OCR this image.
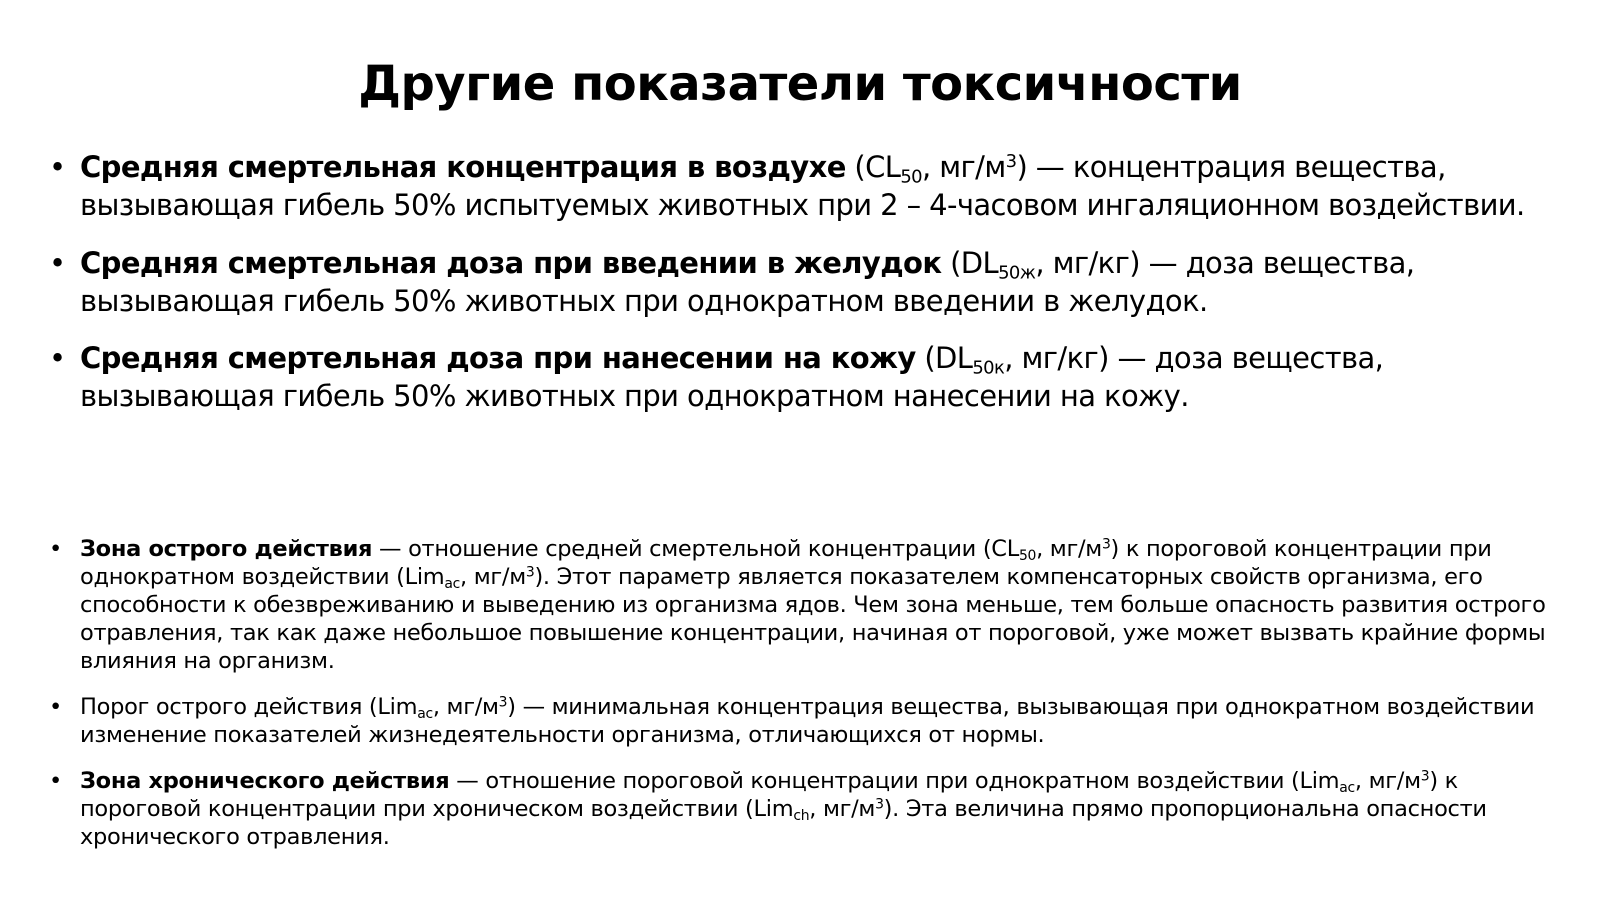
Другие показатели токсичности
• Средняя смертельная концентрация в воздухе ($CL_{50}$, $мг/м^3$) — концентрация вещества, вызывающая гибель 50% испытуемых животных при 2 – 4-часовом ингаляционном воздействии.
• Средняя смертельная доза при введении в желудок ($DL_{50ж}$, мг/кг) — доза вещества, вызывающая гибель 50% животных при однократном введении в желудок.
• Средняя смертельная доза при нанесении на кожу ($DL_{50к}$, мг/кг) — доза вещества, вызывающая гибель 50% животных при однократном нанесении на кожу.
• Зона острого действия — отношение средней смертельной концентрации ($CL_{50}$, $мг/м^3$) к пороговой концентрации при однократном воздействии (Lim$_{ac}$, $мг/м^3$). Этот параметр является показателем компенсаторных свойств организма, его способности к обезвреживанию и выведению из организма ядов. Чем зона меньше, тем больше опасность развития острого отравления, так как даже небольшое повышение концентрации, начиная от пороговой, уже может вызвать крайние формы влияния на организм.
• Порог острого действия (Lim$_{ac}$, $мг/м^3$) — минимальная концентрация вещества, вызывающая при однократном воздействии изменение показателей жизнедеятельности организма, отличающихся от нормы.
• Зона хронического действия — отношение пороговой концентрации при однократном воздействии (Lim$_{ac}$, $мг/м^3$) к пороговой концентрации при хроническом воздействии (Lim$_{ch}$, $мг/м^3$). Эта величина прямо пропорциональна опасности хронического отравления.
